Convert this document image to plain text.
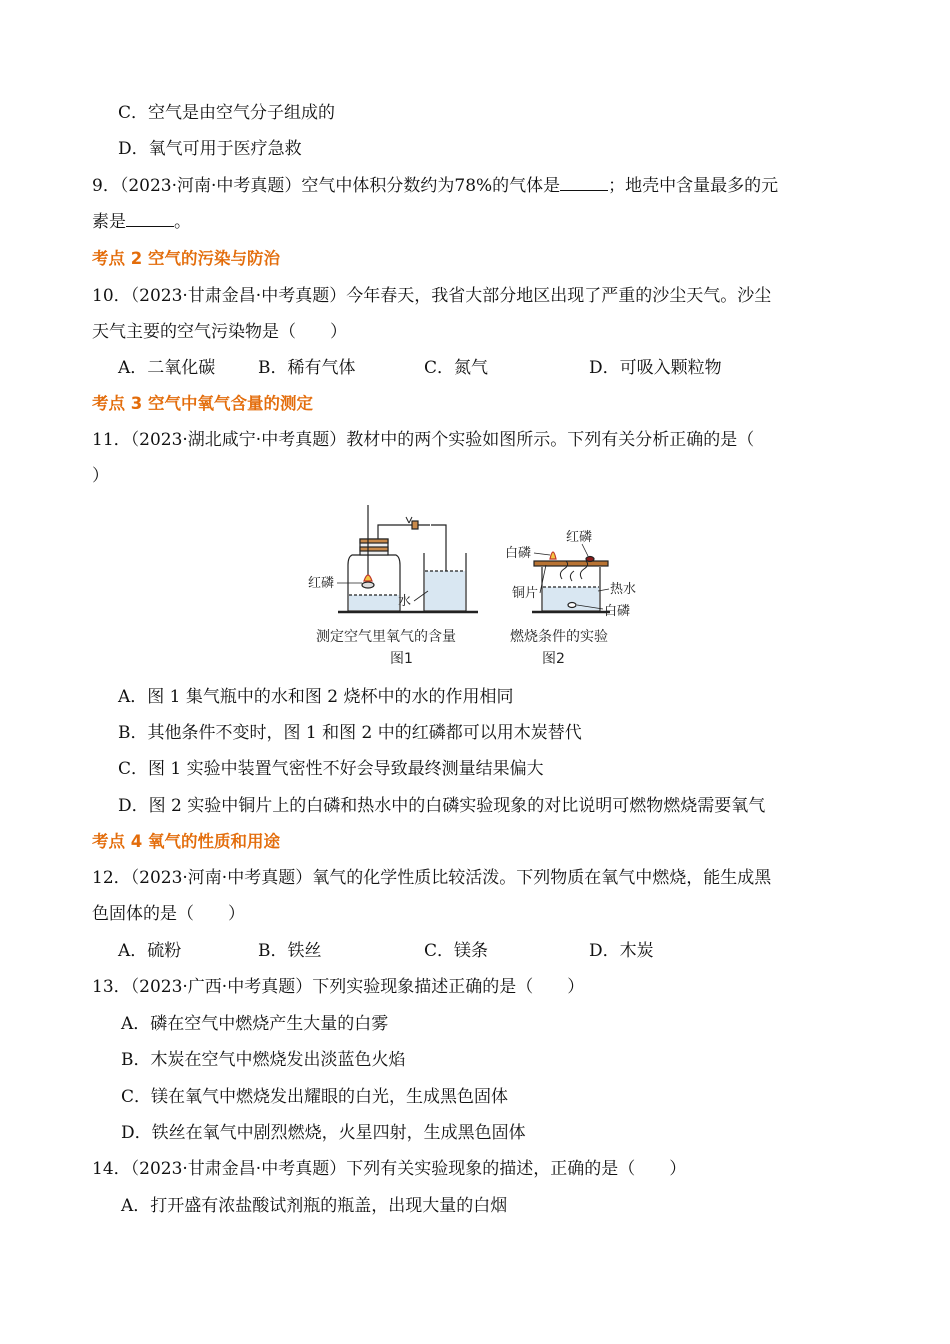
C．空气是由空气分子组成的
D．氧气可用于医疗急救
9．（2023·河南·中考真题）空气中体积分数约为78%的气体是	；地壳中含量最多的元
素是	。
考点 2 空气的污染与防治
10．（2023·甘肃金昌·中考真题）今年春天，我省大部分地区出现了严重的沙尘天气。沙尘
天气主要的空气污染物是（　　）
A．二氧化碳	B．稀有气体	C．氮气	D．可吸入颗粒物
考点 3 空气中氧气含量的测定
11．（2023·湖北咸宁·中考真题）教材中的两个实验如图所示。下列有关分析正确的是（
）
红磷
水
测定空气里氧气的含量
图1
白磷
红磷
铜片	热水
白磷
燃烧条件的实验
图2
A．图 1 集气瓶中的水和图 2 烧杯中的水的作用相同
B．其他条件不变时，图 1 和图 2 中的红磷都可以用木炭替代
C．图 1 实验中装置气密性不好会导致最终测量结果偏大
D．图 2 实验中铜片上的白磷和热水中的白磷实验现象的对比说明可燃物燃烧需要氧气
考点 4 氧气的性质和用途
12．（2023·河南·中考真题）氧气的化学性质比较活泼。下列物质在氧气中燃烧，能生成黑
色固体的是（　　）
A．硫粉	B．铁丝	C．镁条	D．木炭
13．（2023·广西·中考真题）下列实验现象描述正确的是（　　）
A．磷在空气中燃烧产生大量的白雾
B．木炭在空气中燃烧发出淡蓝色火焰
C．镁在氧气中燃烧发出耀眼的白光，生成黑色固体
D．铁丝在氧气中剧烈燃烧，火星四射，生成黑色固体
14．（2023·甘肃金昌·中考真题）下列有关实验现象的描述，正确的是（　　）
A．打开盛有浓盐酸试剂瓶的瓶盖，出现大量的白烟
